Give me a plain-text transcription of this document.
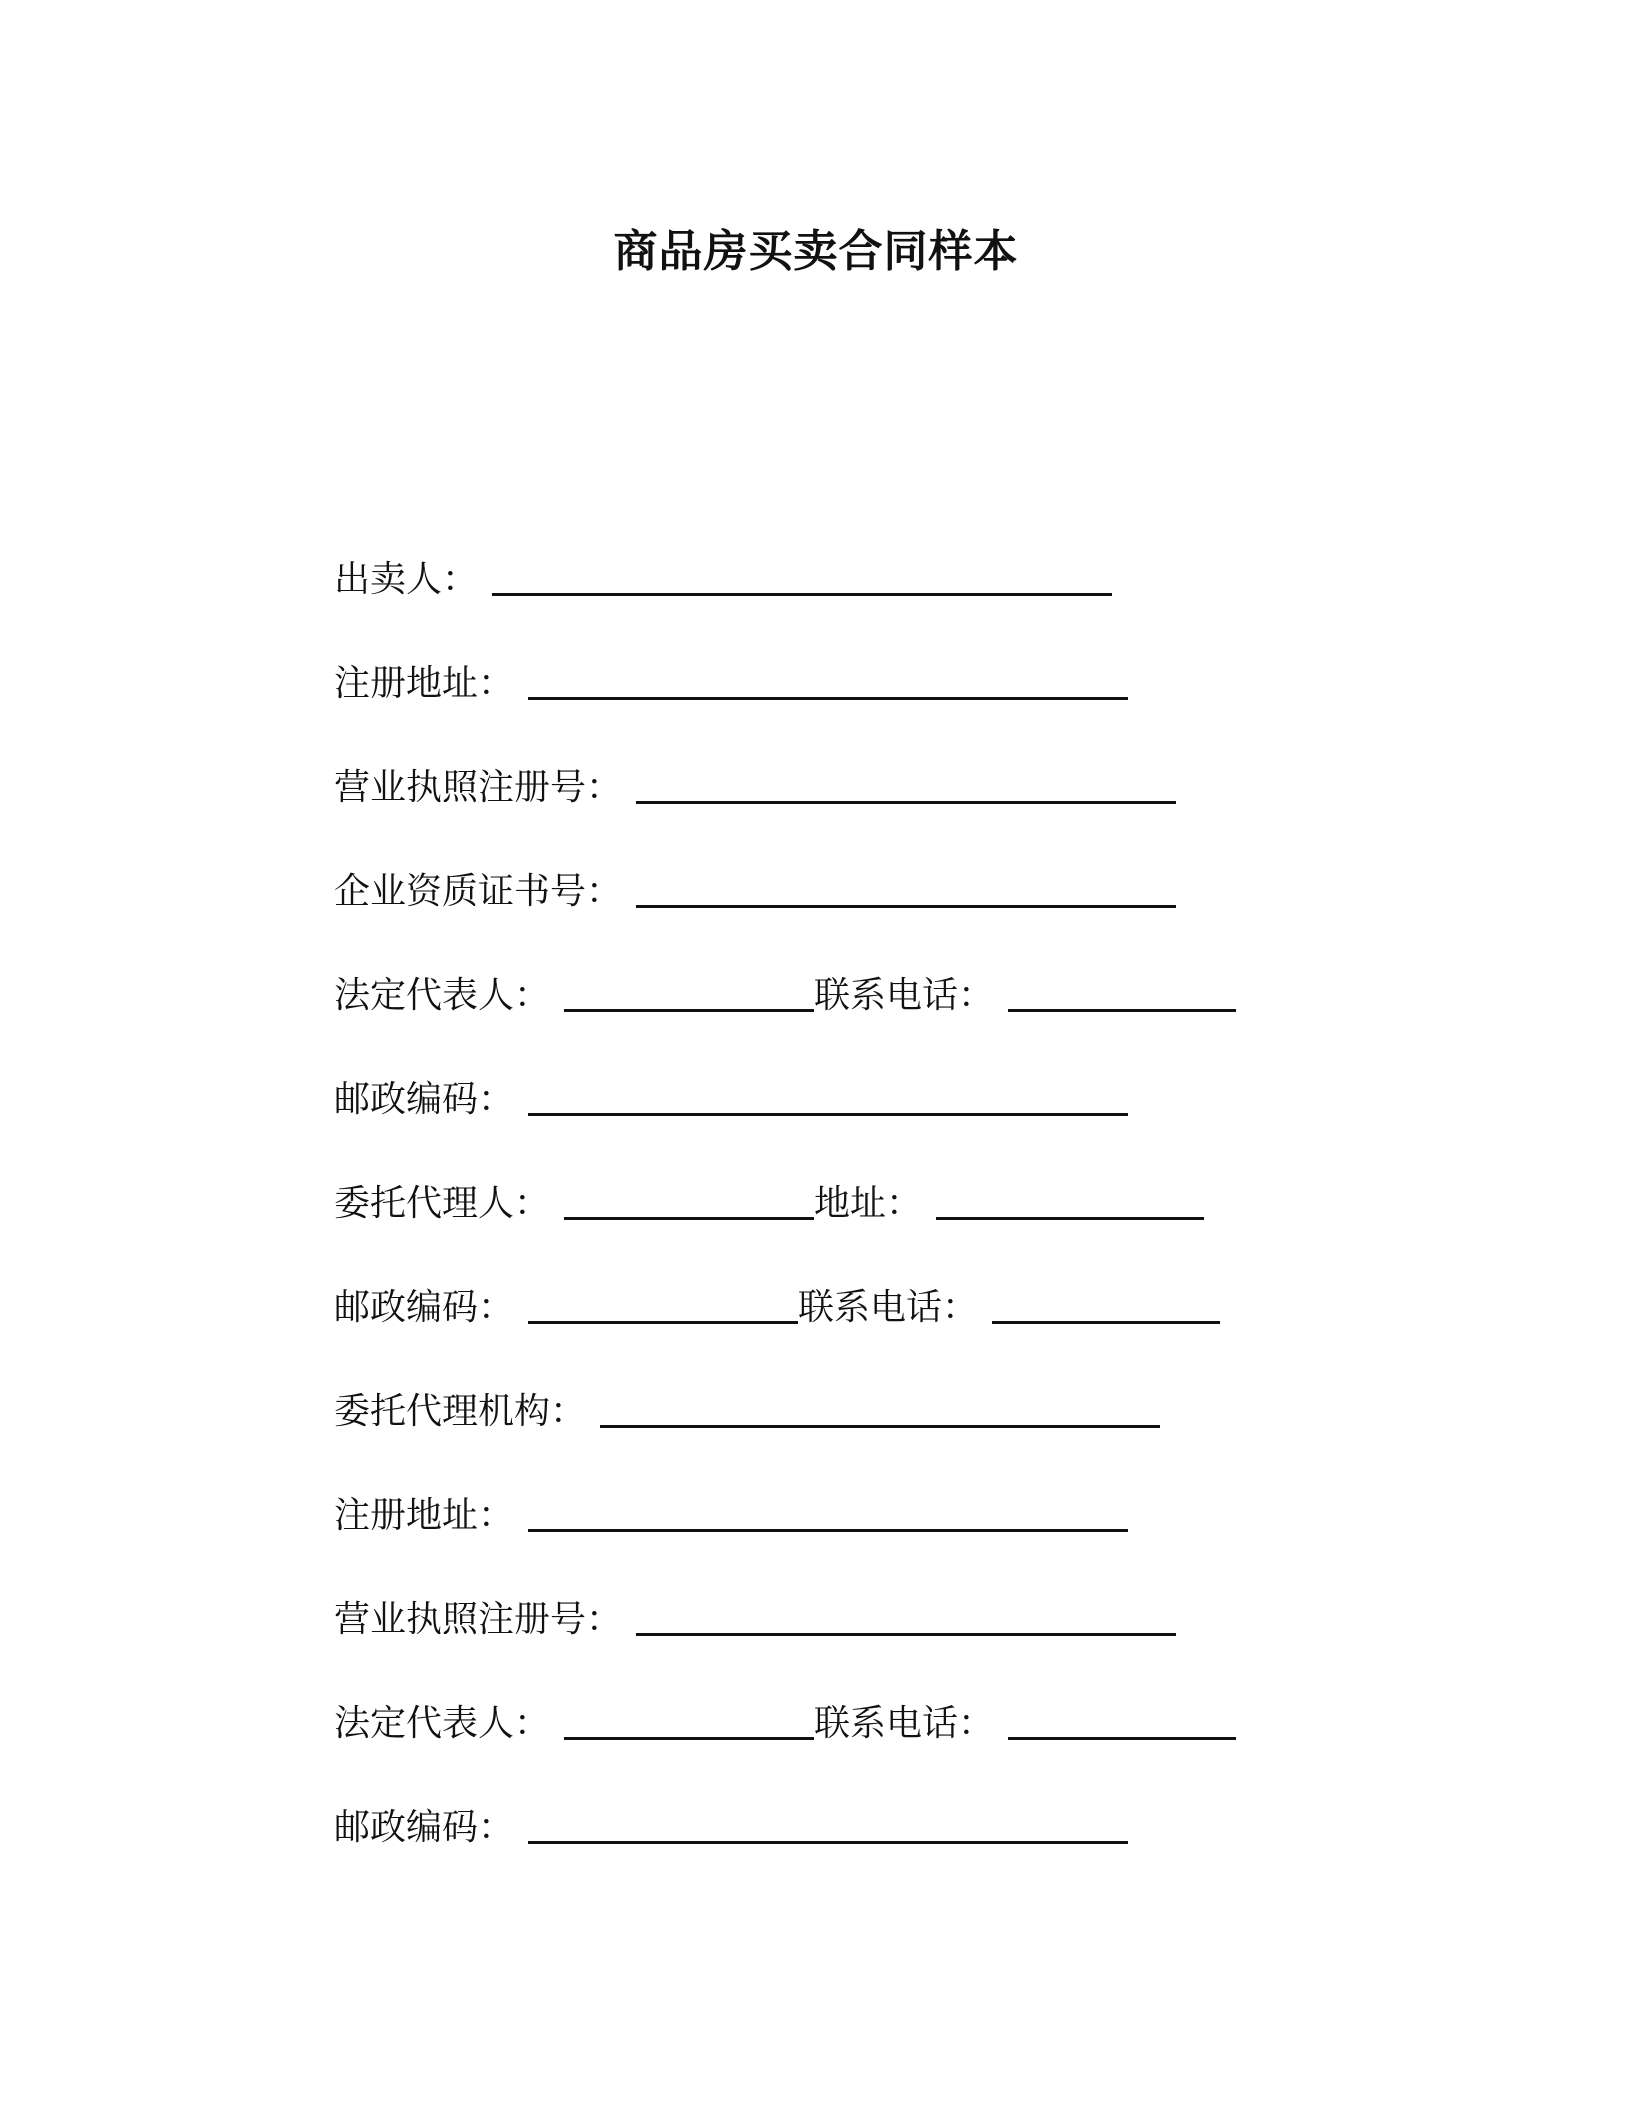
商品房买卖合同样本
出卖人：
注册地址：
营业执照注册号：
企业资质证书号：
法定代表人：	联系电话：
邮政编码：
委托代理人：	地址：
邮政编码：	联系电话：
委托代理机构：
注册地址：
营业执照注册号：
法定代表人：	联系电话：
邮政编码：
